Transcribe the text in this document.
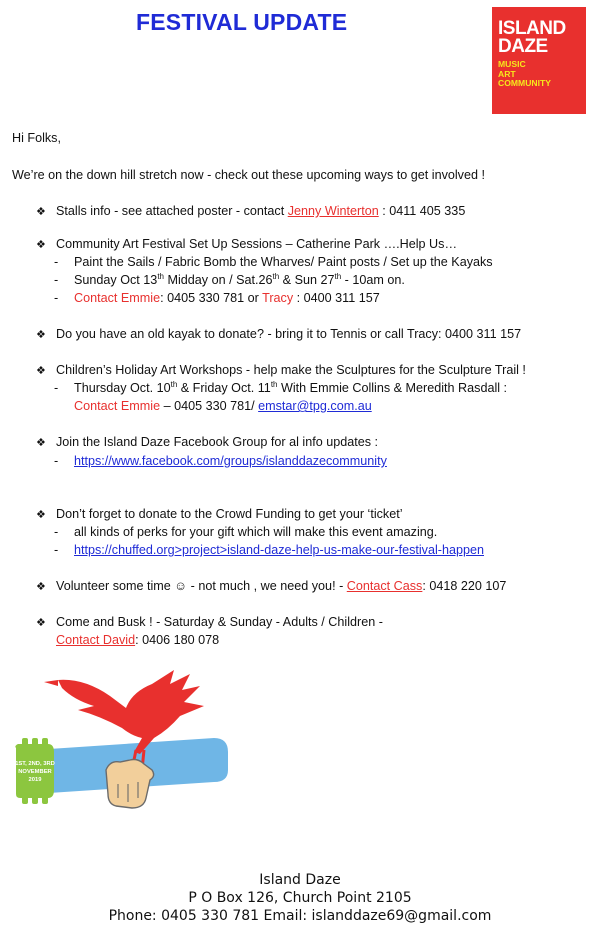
FESTIVAL UPDATE	ISLAND
DAZE
MUSIC
ART
COMMUNITY
Hi Folks,
We’re on the down hill stretch now - check out these upcoming ways to get involved !
❖ Stalls info - see attached poster - contact Jenny Winterton : 0411 405 335
❖ Community Art Festival Set Up Sessions – Catherine Park ….Help Us…
- Paint the Sails / Fabric Bomb the Wharves/ Paint posts / Set up the Kayaks
- Sunday Oct 13th Midday on / Sat.26th & Sun 27th - 10am on.
- Contact Emmie: 0405 330 781 or Tracy : 0400 311 157
❖ Do you have an old kayak to donate? - bring it to Tennis or call Tracy: 0400 311 157
❖ Children’s Holiday Art Workshops - help make the Sculptures for the Sculpture Trail !
- Thursday Oct. 10th & Friday Oct. 11th With Emmie Collins & Meredith Rasdall :
Contact Emmie – 0405 330 781/ emstar@tpg.com.au
❖ Join the Island Daze Facebook Group for al info updates :
- https://www.facebook.com/groups/islanddazecommunity
❖ Don’t forget to donate to the Crowd Funding to get your ‘ticket’
- all kinds of perks for your gift which will make this event amazing.
- https://chuffed.org>project>island-daze-help-us-make-our-festival-happen
❖ Volunteer some time ☺ - not much , we need you! - Contact Cass: 0418 220 107
❖ Come and Busk ! - Saturday & Sunday - Adults / Children -
Contact David: 0406 180 078
1ST, 2ND, 3RD
NOVEMBER
2019
Island Daze
P O Box 126, Church Point 2105
Phone: 0405 330 781 Email: islanddaze69@gmail.com
